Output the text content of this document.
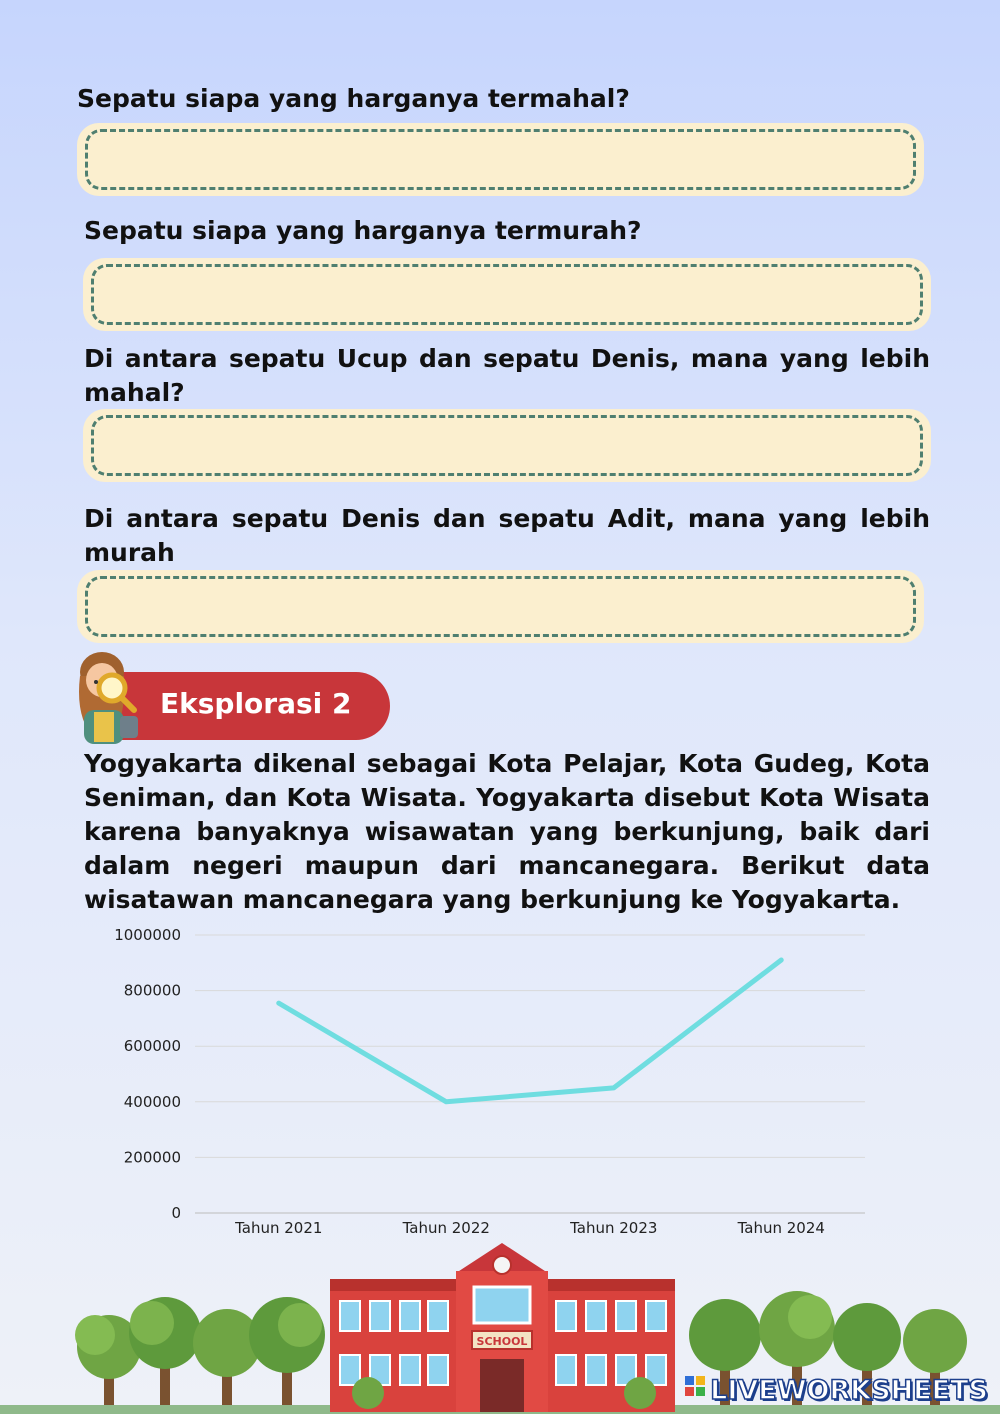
Sepatu siapa yang harganya termahal?

Sepatu siapa yang harganya termurah?

Di antara sepatu Ucup dan sepatu Denis, mana yang lebih mahal?

Di antara sepatu Denis dan sepatu Adit, mana yang lebih murah

Eksplorasi 2

Yogyakarta dikenal sebagai Kota Pelajar, Kota Gudeg, Kota Seniman, dan Kota Wisata. Yogyakarta disebut Kota Wisata karena banyaknya wisawatan yang berkunjung, baik dari dalam negeri maupun dari mancanegara. Berikut data wisatawan mancanegara yang berkunjung ke Yogyakarta.

0
200000
400000
600000
800000
1000000
Tahun 2021	Tahun 2022	Tahun 2023	Tahun 2024
SCHOOL
LIVEWORKSHEETS
